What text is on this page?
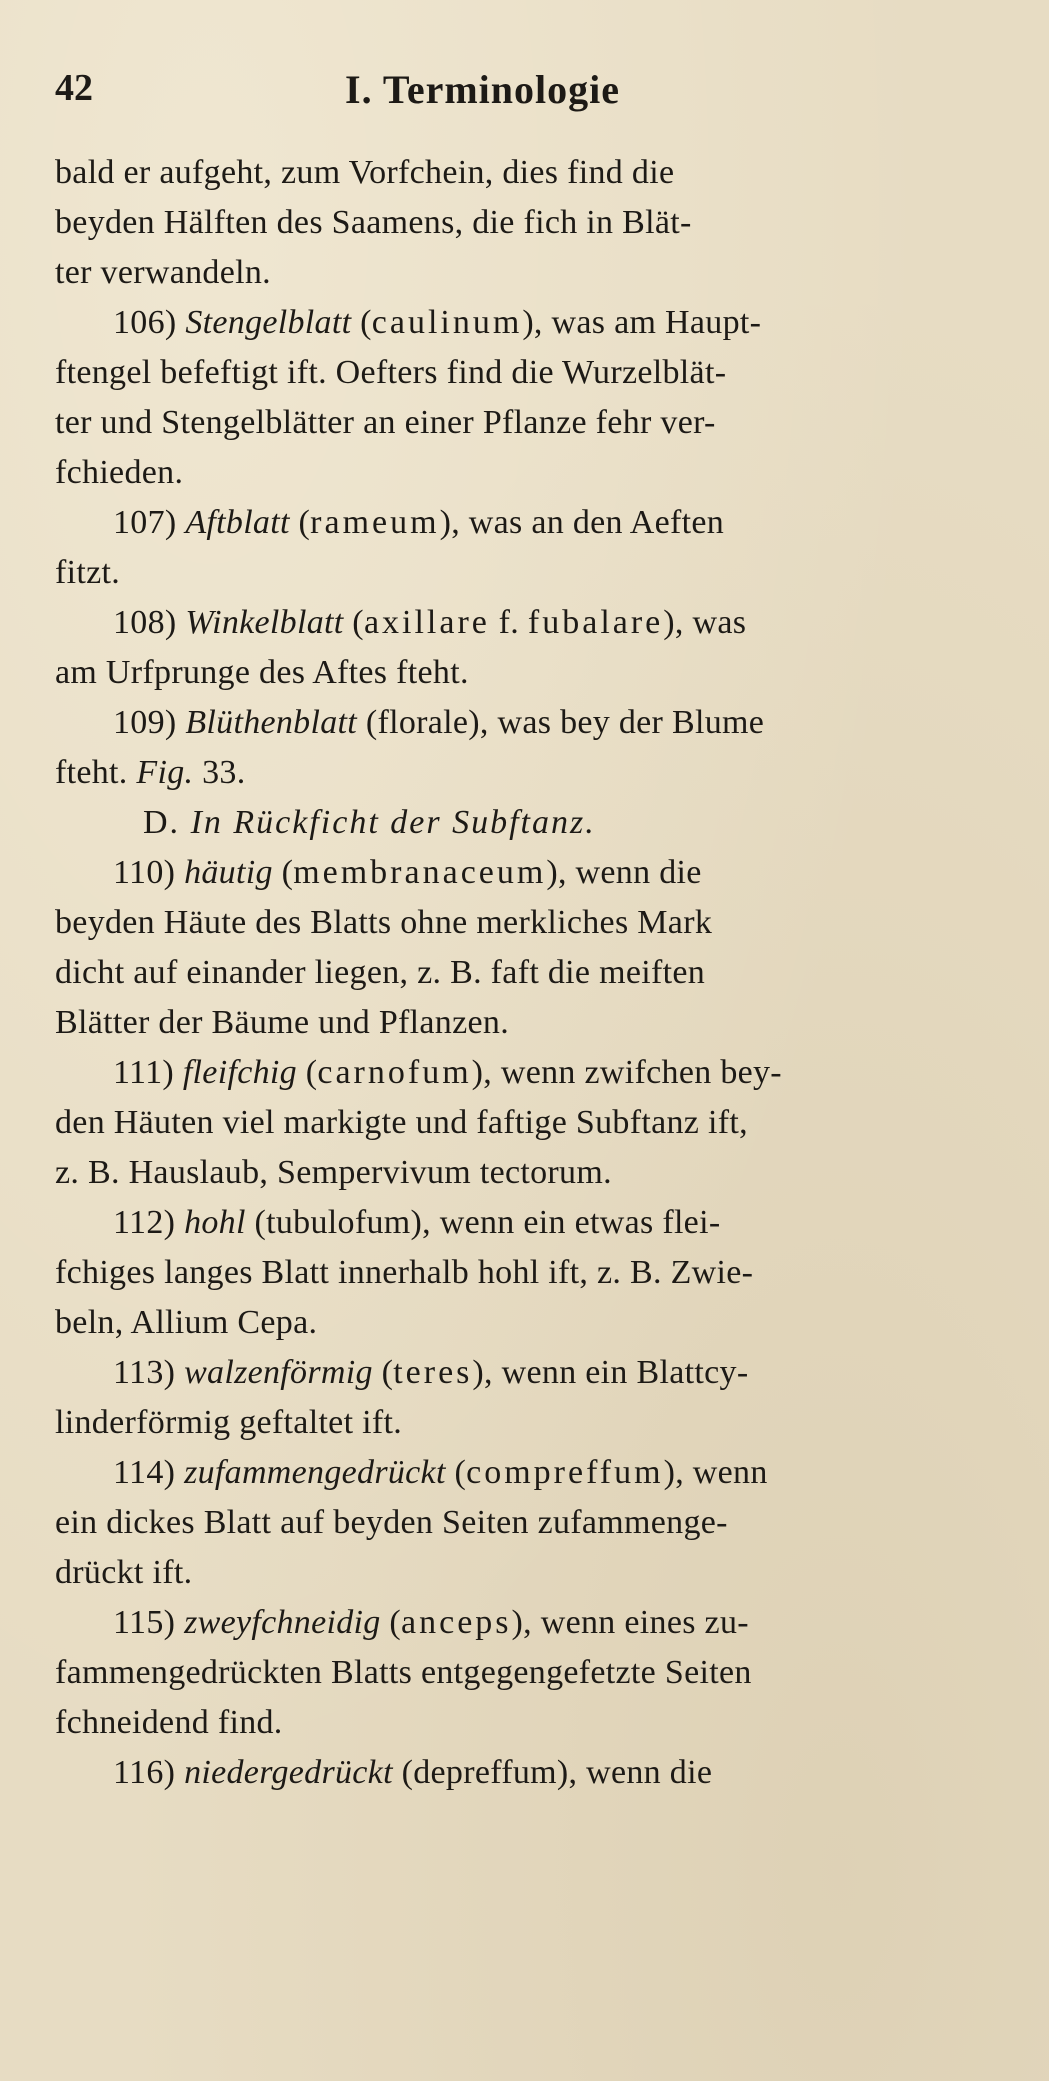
42	I. Terminologie
bald er aufgeht, zum Vorfchein, dies find die
beyden Hälften des Saamens, die fich in Blät-
ter verwandeln.
106) Stengelblatt (caulinum), was am Haupt-
ftengel befeftigt ift. Oefters find die Wurzelblät-
ter und Stengelblätter an einer Pflanze fehr ver-
fchieden.
107) Aftblatt (rameum), was an den Aeften
fitzt.
108) Winkelblatt (axillare f. fubalare), was
am Urfprunge des Aftes fteht.
109) Blüthenblatt (florale), was bey der Blume
fteht. Fig. 33.
D. In Rückficht der Subftanz.
110) häutig (membranaceum), wenn die
beyden Häute des Blatts ohne merkliches Mark
dicht auf einander liegen, z. B. faft die meiften
Blätter der Bäume und Pflanzen.
111) fleifchig (carnofum), wenn zwifchen bey-
den Häuten viel markigte und faftige Subftanz ift,
z. B. Hauslaub, Sempervivum tectorum.
112) hohl (tubulofum), wenn ein etwas flei-
fchiges langes Blatt innerhalb hohl ift, z. B. Zwie-
beln, Allium Cepa.
113) walzenförmig (teres), wenn ein Blattcy-
linderförmig geftaltet ift.
114) zufammengedrückt (compreffum), wenn
ein dickes Blatt auf beyden Seiten zufammenge-
drückt ift.
115) zweyfchneidig (anceps), wenn eines zu-
fammengedrückten Blatts entgegengefetzte Seiten
fchneidend find.
116) niedergedrückt (depreffum), wenn die
